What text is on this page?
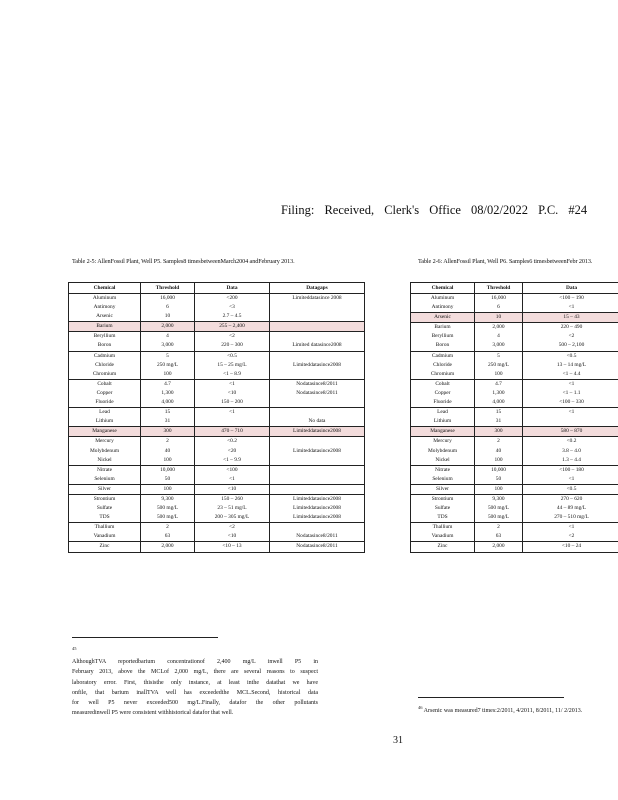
Filing: Received, Clerk's Office 08/02/2022 P.C. #24
Table 2-5: AllenFossil Plant, Well P5. Samples8 timesbetweenMarch2004 andFebruary 2013.
Chemical	Threshold	Data	Datagaps
Aluminum	16,000	<200	Limiteddatasince 2008
Antimony	6	<3	
Arsenic	10	2.7 – 4.5	
Barium	2,000	255 – 2,400	
Beryllium	4	<2	
Boron	3,000	220 – 300	Limited datasince2008
Cadmium	5	<0.5	
Chloride	250 mg/L	15 – 25 mg/L	Limiteddatasince2008
Chromium	100	<1 – 8.9	
Cobalt	4.7	<1	Nodatasince8/2011
Copper	1,300	<10	Nodatasince8/2011
Fluoride	4,000	150 – 200	
Lead	15	<1	
Lithium	31		No data
Manganese	300	470 – 710	Limiteddatasince2008
Mercury	2	<0.2	
Molybdenum	40	<20	Limiteddatasince2008
Nickel	100	<1 – 9.9	
Nitrate	10,000	<100	
Selenium	50	<1	
Silver	100	<10	
Strontium	9,300	150 – 260	Limiteddatasince2008
Sulfate	500 mg/L	23 – 51 mg/L	Limiteddatasince2008
TDS	500 mg/L	200 – 305 mg/L	Limiteddatasince2008
Thallium	2	<2	
Vanadium	63	<10	Nodatasince8/2011
Zinc	2,000	<10 – 13	Nodatasince8/2011
Table 2-6: AllenFossil Plant, Well P6. Samples6 timesbetweenFebr 2013.
Chemical	Threshold	Data
Aluminum	16,000	<100 – 190
Antimony	6	<1
Arsenic	10	15 – 43
Barium	2,000	220 – 490
Beryllium	4	<2
Boron	3,000	500 – 2,100
Cadmium	5	<0.5
Chloride	250 mg/L	13 – 14 mg/L
Chromium	100	<1 – 4.4
Cobalt	4.7	<1
Copper	1,300	<1 – 1.1
Fluoride	4,000	<100 – 330
Lead	15	<1
Lithium	31	
Manganese	300	580 – 870
Mercury	2	<0.2
Molybdenum	40	3.8 – 4.0
Nickel	100	1.3 – 4.4
Nitrate	10,000	<100 – 180
Selenium	50	<1
Silver	100	<0.5
Strontium	9,300	270 – 620
Sulfate	500 mg/L	44 – 89 mg/L
TDS	500 mg/L	270 – 510 mg/L
Thallium	2	<1
Vanadium	63	<2
Zinc	2,000	<10 – 24
$^{45}$
AlthoughTVA reportedbarium concentrationof 2,400 mg/L inwell P5 in
February 2013, above the MCLof 2,000 mg/L, there are several reasons to suspect
laboratory error. First, thisisthe only instance, at least inthe datathat we have
onfile, that barium inallTVA well has exceededthe MCL.Second, historical data
for well P5 never exceeded500 mg/L.Finally, datafor the other pollutants
measuredinwell P5 were consistent withhistorical datafor that well.
$^{46}$ Arsenic was measured7 times:2/2011, 4/2011, 8/2011, 11/ 2/2013.
31
